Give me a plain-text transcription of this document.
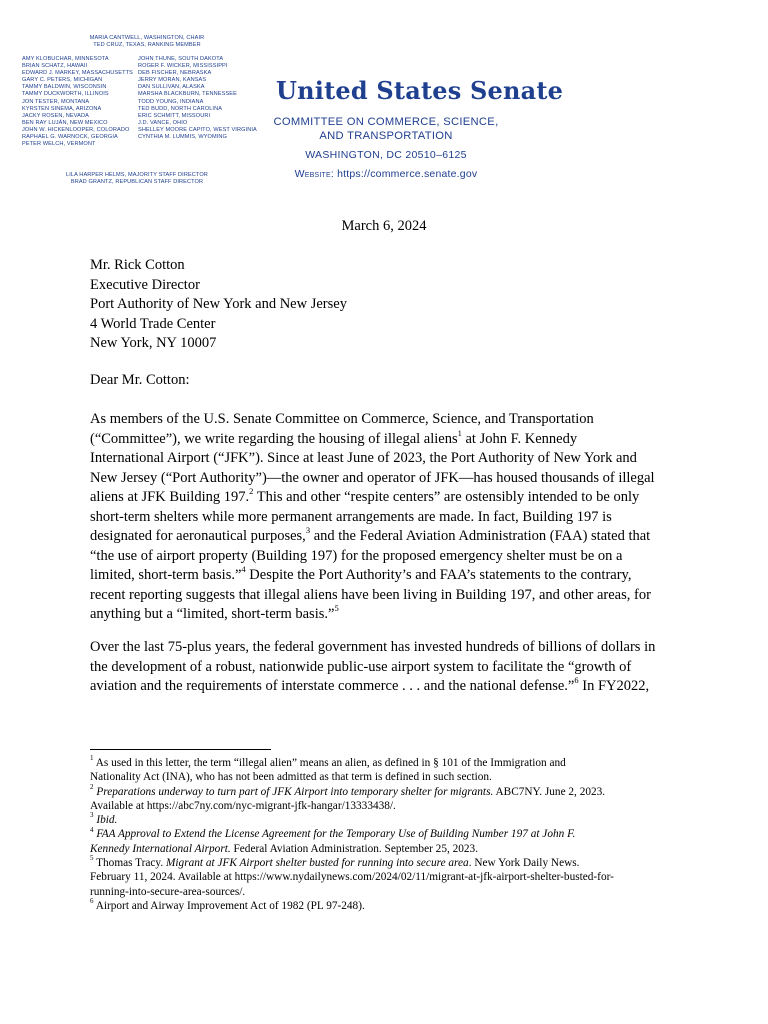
MARIA CANTWELL, WASHINGTON, CHAIR
TED CRUZ, TEXAS, RANKING MEMBER
AMY KLOBUCHAR, MINNESOTA
BRIAN SCHATZ, HAWAII
EDWARD J. MARKEY, MASSACHUSETTS
GARY C. PETERS, MICHIGAN
TAMMY BALDWIN, WISCONSIN
TAMMY DUCKWORTH, ILLINOIS
JON TESTER, MONTANA
KYRSTEN SINEMA, ARIZONA
JACKY ROSEN, NEVADA
BEN RAY LUJÁN, NEW MEXICO
JOHN W. HICKENLOOPER, COLORADO
RAPHAEL G. WARNOCK, GEORGIA
PETER WELCH, VERMONT
JOHN THUNE, SOUTH DAKOTA
ROGER F. WICKER, MISSISSIPPI
DEB FISCHER, NEBRASKA
JERRY MORAN, KANSAS
DAN SULLIVAN, ALASKA
MARSHA BLACKBURN, TENNESSEE
TODD YOUNG, INDIANA
TED BUDD, NORTH CAROLINA
ERIC SCHMITT, MISSOURI
J.D. VANCE, OHIO
SHELLEY MOORE CAPITO, WEST VIRGINIA
CYNTHIA M. LUMMIS, WYOMING
LILA HARPER HELMS, MAJORITY STAFF DIRECTOR
BRAD GRANTZ, REPUBLICAN STAFF DIRECTOR
United States Senate
COMMITTEE ON COMMERCE, SCIENCE,
AND TRANSPORTATION
WASHINGTON, DC 20510–6125
Website: https://commerce.senate.gov
March 6, 2024
Mr. Rick Cotton
Executive Director
Port Authority of New York and New Jersey
4 World Trade Center
New York, NY 10007
Dear Mr. Cotton:
As members of the U.S. Senate Committee on Commerce, Science, and Transportation
(“Committee”), we write regarding the housing of illegal aliens$^1$ at John F. Kennedy
International Airport (“JFK”). Since at least June of 2023, the Port Authority of New York and
New Jersey (“Port Authority”)—the owner and operator of JFK—has housed thousands of illegal
aliens at JFK Building 197.$^2$ This and other “respite centers” are ostensibly intended to be only
short-term shelters while more permanent arrangements are made. In fact, Building 197 is
designated for aeronautical purposes,$^3$ and the Federal Aviation Administration (FAA) stated that
“the use of airport property (Building 197) for the proposed emergency shelter must be on a
limited, short-term basis.”$^4$ Despite the Port Authority’s and FAA’s statements to the contrary,
recent reporting suggests that illegal aliens have been living in Building 197, and other areas, for
anything but a “limited, short-term basis.”$^5$
Over the last 75-plus years, the federal government has invested hundreds of billions of dollars in
the development of a robust, nationwide public-use airport system to facilitate the “growth of
aviation and the requirements of interstate commerce . . . and the national defense.”$^6$ In FY2022,
$^1$ As used in this letter, the term “illegal alien” means an alien, as defined in § 101 of the Immigration and
Nationality Act (INA), who has not been admitted as that term is defined in such section.
$^2$ Preparations underway to turn part of JFK Airport into temporary shelter for migrants. ABC7NY. June 2, 2023.
Available at https://abc7ny.com/nyc-migrant-jfk-hangar/13333438/.
$^3$ Ibid.
$^4$ FAA Approval to Extend the License Agreement for the Temporary Use of Building Number 197 at John F.
Kennedy International Airport. Federal Aviation Administration. September 25, 2023.
$^5$ Thomas Tracy. Migrant at JFK Airport shelter busted for running into secure area. New York Daily News.
February 11, 2024. Available at https://www.nydailynews.com/2024/02/11/migrant-at-jfk-airport-shelter-busted-for-
running-into-secure-area-sources/.
$^6$ Airport and Airway Improvement Act of 1982 (PL 97-248).
